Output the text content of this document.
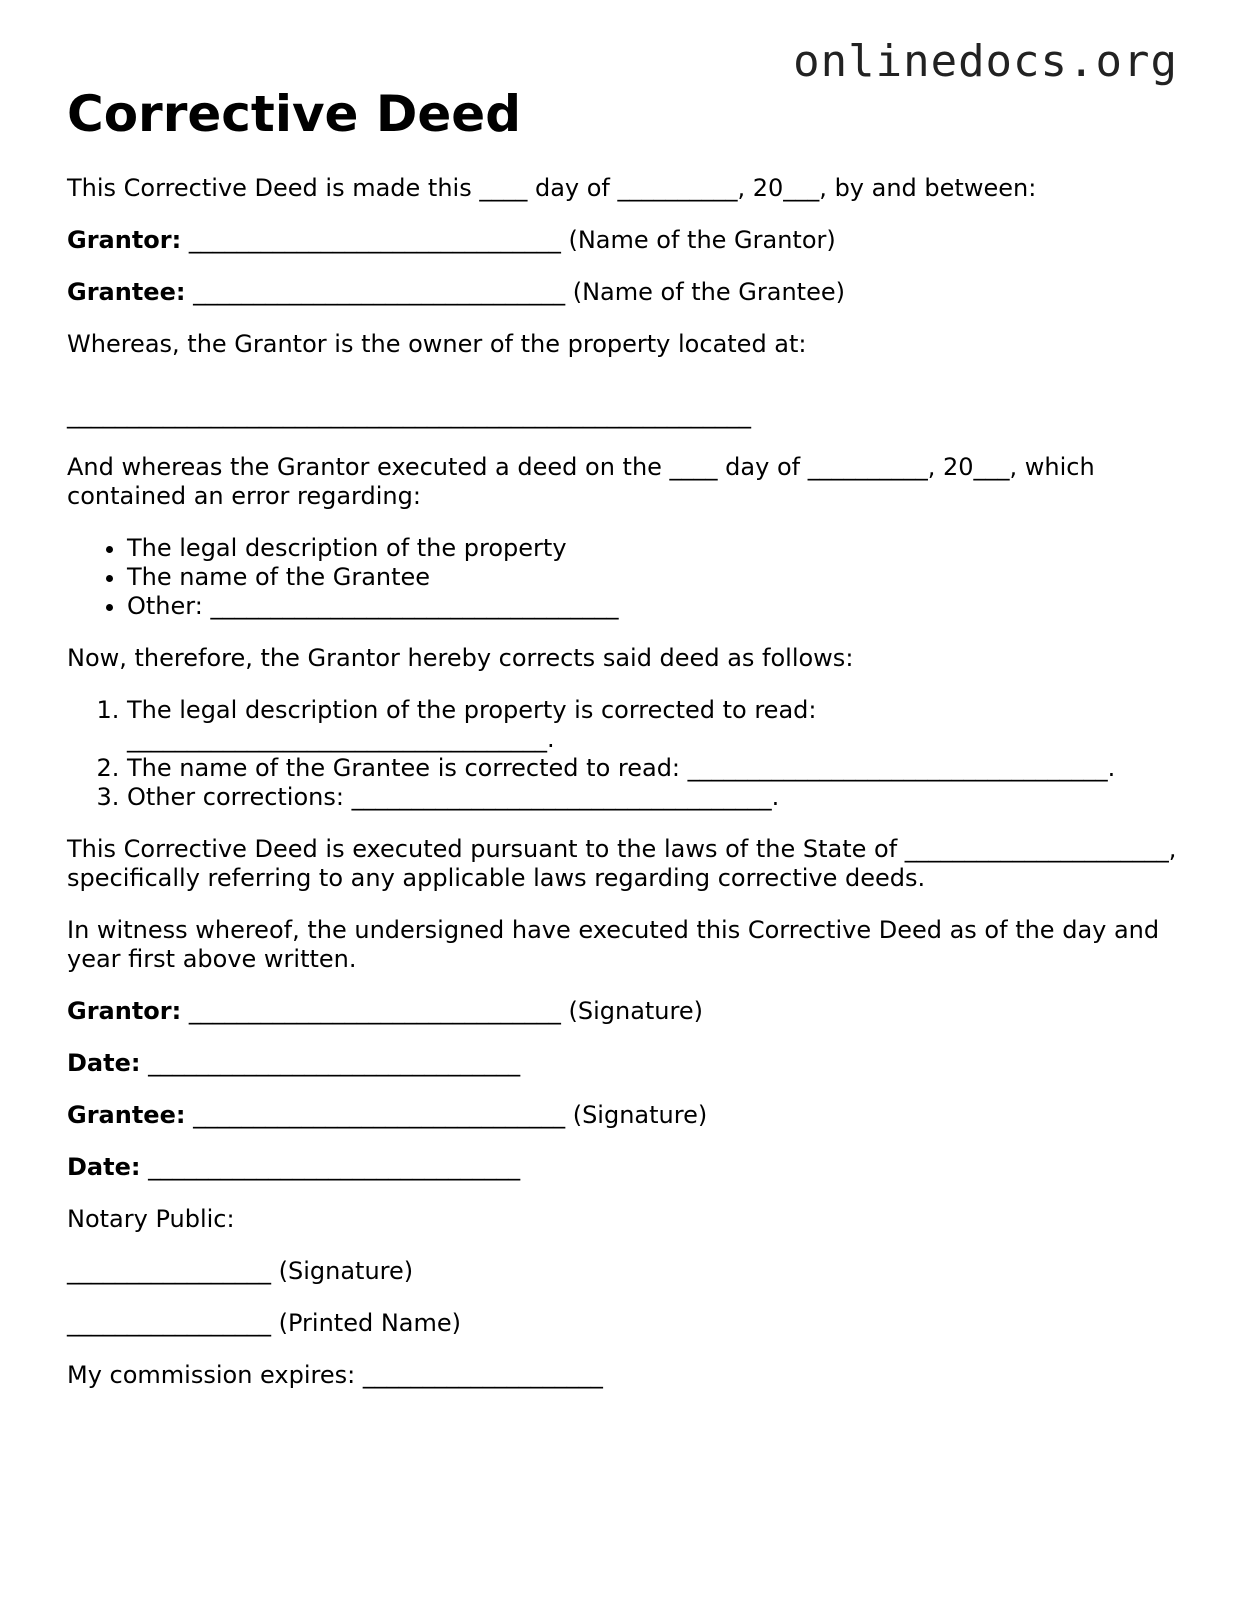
onlinedocs.org
Corrective Deed

This Corrective Deed is made this ____ day of __________, 20___, by and between:

Grantor: _______________________________ (Name of the Grantor)

Grantee: _______________________________ (Name of the Grantee)

Whereas, the Grantor is the owner of the property located at:

_________________________________________________________

And whereas the Grantor executed a deed on the ____ day of __________, 20___, which contained an error regarding:

• The legal description of the property
• The name of the Grantee
• Other: __________________________________

Now, therefore, the Grantor hereby corrects said deed as follows:

1. The legal description of the property is corrected to read: ___________________________________.
2. The name of the Grantee is corrected to read: ___________________________________.
3. Other corrections: ___________________________________.

This Corrective Deed is executed pursuant to the laws of the State of ______________________, specifically referring to any applicable laws regarding corrective deeds.

In witness whereof, the undersigned have executed this Corrective Deed as of the day and year first above written.

Grantor: _______________________________ (Signature)

Date: _______________________________

Grantee: _______________________________ (Signature)

Date: _______________________________

Notary Public:

_________________ (Signature)

_________________ (Printed Name)

My commission expires: ____________________
